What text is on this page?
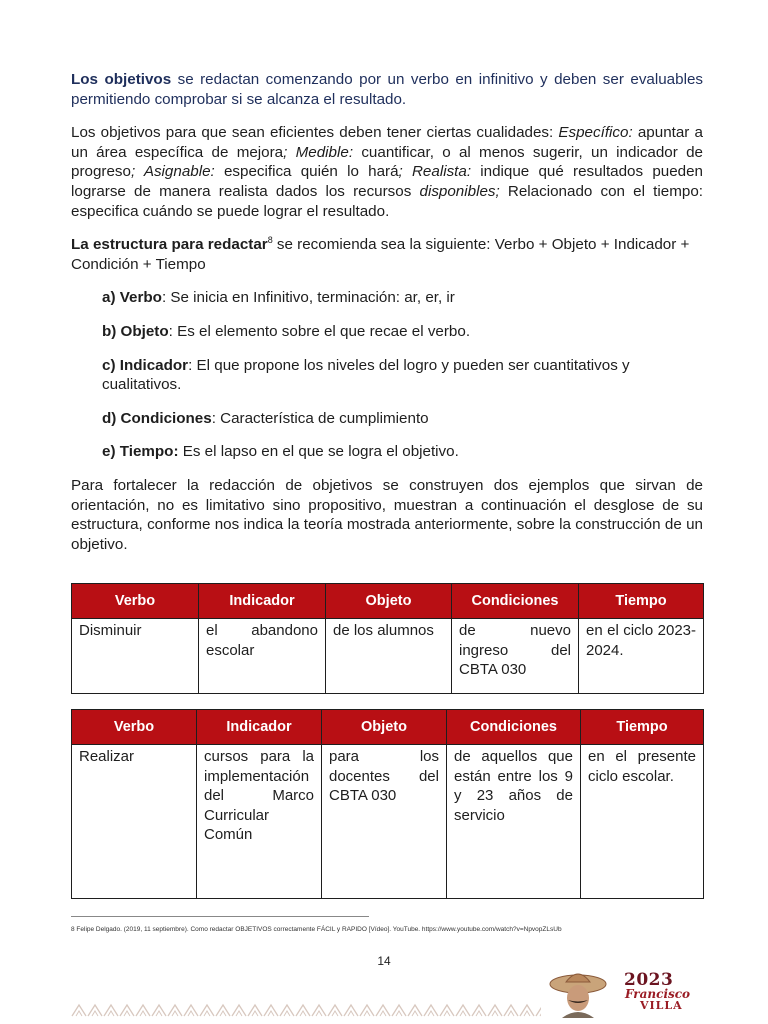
Los objetivos se redactan comenzando por un verbo en infinitivo y deben ser evaluables permitiendo comprobar si se alcanza el resultado.

Los objetivos para que sean eficientes deben tener ciertas cualidades: Específico: apuntar a un área específica de mejora; Medible: cuantificar, o al menos sugerir, un indicador de progreso; Asignable: especifica quién lo hará; Realista: indique qué resultados pueden lograrse de manera realista dados los recursos disponibles; Relacionado con el tiempo: especifica cuándo se puede lograr el resultado.

La estructura para redactar$^8$ se recomienda sea la siguiente: Verbo + Objeto + Indicador + Condición + Tiempo

a) Verbo: Se inicia en Infinitivo, terminación: ar, er, ir

b) Objeto: Es el elemento sobre el que recae el verbo.

c) Indicador: El que propone los niveles del logro y pueden ser cuantitativos y cualitativos.

d) Condiciones: Característica de cumplimiento

e) Tiempo: Es el lapso en el que se logra el objetivo.

Para fortalecer la redacción de objetivos se construyen dos ejemplos que sirvan de orientación, no es limitativo sino propositivo, muestran a continuación el desglose de su estructura, conforme nos indica la teoría mostrada anteriormente, sobre la construcción de un objetivo.

Verbo	Indicador	Objeto	Condiciones	Tiempo
Disminuir	el abandono escolar	de los alumnos	de nuevo ingreso del CBTA 030	en el ciclo 2023-2024.
Verbo	Indicador	Objeto	Condiciones	Tiempo
Realizar	cursos para la implementación del Marco Curricular Común	para los docentes del CBTA 030	de aquellos que están entre los 9 y 23 años de servicio	en el presente ciclo escolar.
8 Felipe Delgado. (2019, 11 septiembre). Como redactar OBJETIVOS correctamente FÁCIL y RAPIDO [Vídeo]. YouTube. https://www.youtube.com/watch?v=NpvopZLsUb
14
2023
Francisco
VILLA
